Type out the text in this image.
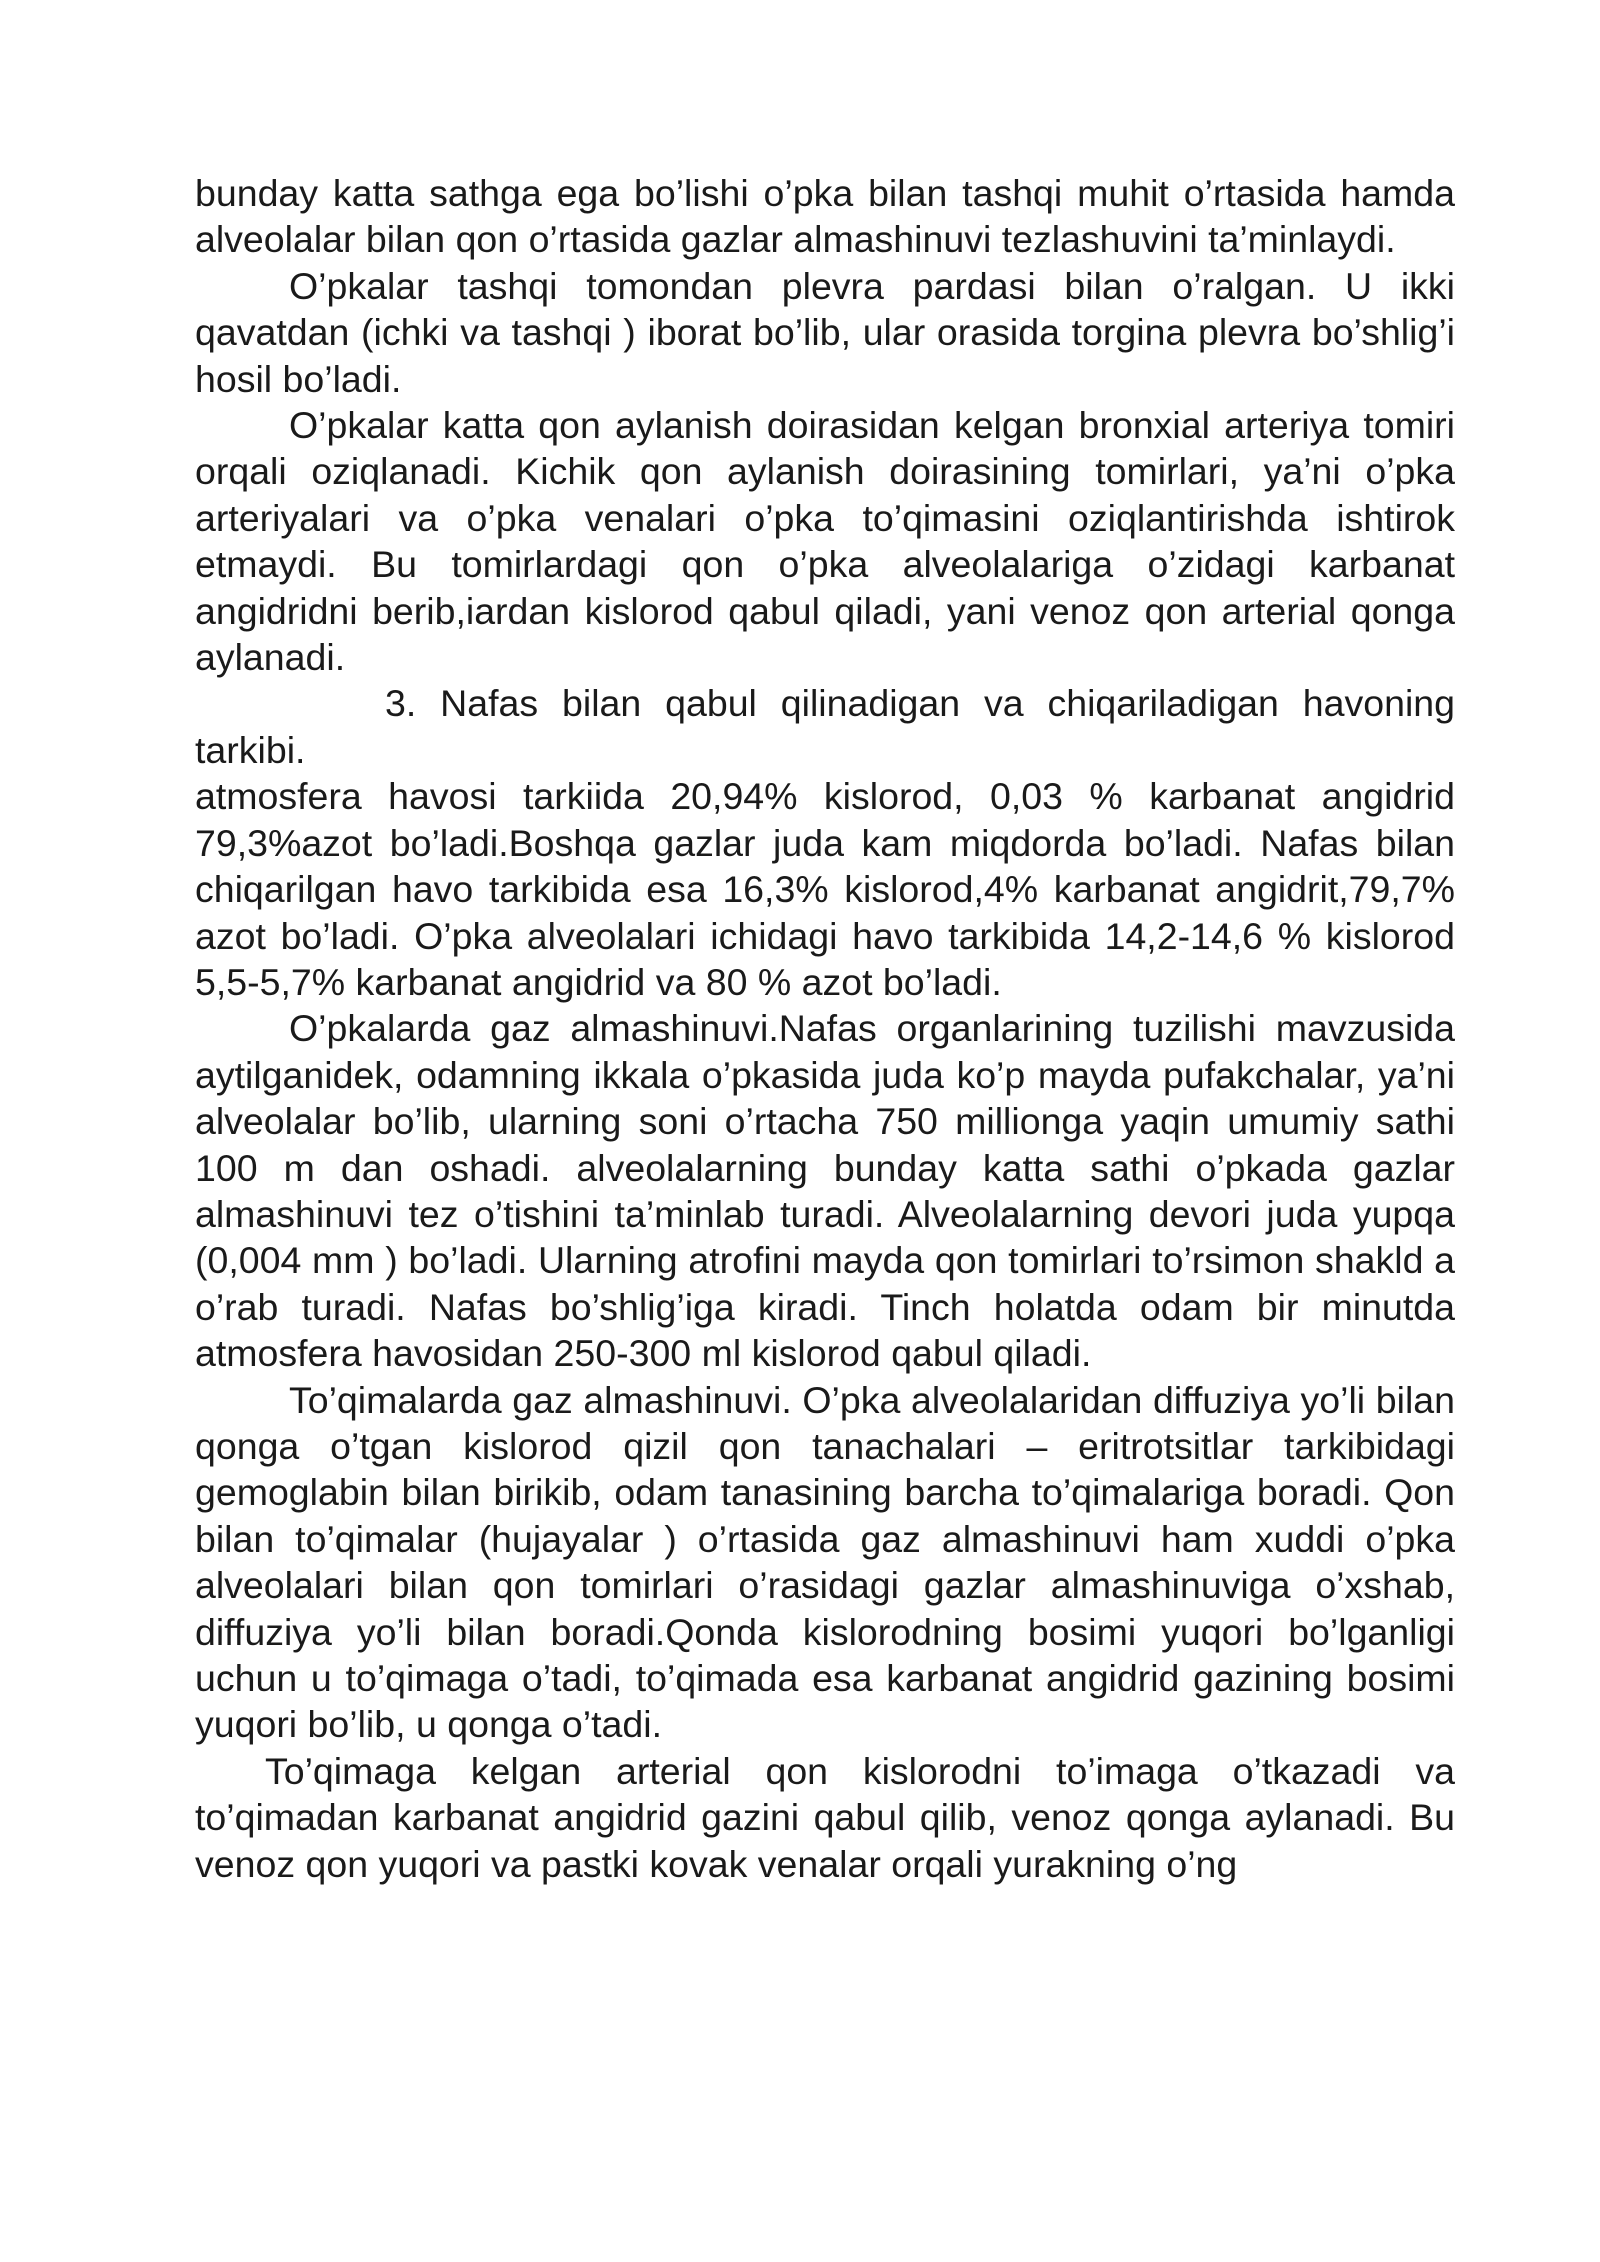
bunday katta sathga ega bo’lishi o’pka bilan tashqi muhit o’rtasida hamda alveolalar bilan qon o’rtasida gazlar almashinuvi tezlashuvini ta’minlaydi.

O’pkalar tashqi tomondan plevra pardasi bilan o’ralgan. U ikki qavatdan (ichki va tashqi ) iborat bo’lib, ular orasida torgina plevra bo’shlig’i hosil bo’ladi.

O’pkalar katta qon aylanish doirasidan kelgan bronxial arteriya tomiri orqali oziqlanadi. Kichik qon aylanish doirasining tomirlari, ya’ni o’pka arteriyalari va o’pka venalari o’pka to’qimasini oziqlantirishda ishtirok etmaydi. Bu tomirlardagi qon o’pka alveolalariga o’zidagi karbanat angidridni berib,iardan kislorod qabul qiladi, yani venoz qon arterial qonga aylanadi.

3. Nafas bilan qabul qilinadigan va chiqariladigan havoning tarkibi.

atmosfera havosi tarkiida 20,94% kislorod, 0,03 % karbanat angidrid 79,3%azot bo’ladi.Boshqa gazlar juda kam miqdorda bo’ladi. Nafas bilan chiqarilgan havo tarkibida esa 16,3% kislorod,4% karbanat angidrit,79,7% azot bo’ladi. O’pka alveolalari ichidagi havo tarkibida 14,2-14,6 % kislorod 5,5-5,7% karbanat angidrid va 80 % azot bo’ladi.

O’pkalarda gaz almashinuvi.Nafas organlarining tuzilishi mavzusida aytilganidek, odamning ikkala o’pkasida juda ko’p mayda pufakchalar, ya’ni alveolalar bo’lib, ularning soni o’rtacha 750 millionga yaqin umumiy sathi 100 m dan oshadi. alveolalarning bunday katta sathi o’pkada gazlar almashinuvi tez o’tishini ta’minlab turadi. Alveolalarning devori juda yupqa (0,004 mm ) bo’ladi. Ularning atrofini mayda qon tomirlari to’rsimon shakld a o’rab turadi. Nafas bo’shlig’iga kiradi. Tinch holatda odam bir minutda atmosfera havosidan 250-300 ml kislorod qabul qiladi.

To’qimalarda gaz almashinuvi. O’pka alveolalaridan diffuziya yo’li bilan qonga o’tgan kislorod qizil qon tanachalari – eritrotsitlar tarkibidagi gemoglabin bilan birikib, odam tanasining barcha to’qimalariga boradi. Qon bilan to’qimalar (hujayalar ) o’rtasida gaz almashinuvi ham xuddi o’pka alveolalari bilan qon tomirlari o’rasidagi gazlar almashinuviga o’xshab, diffuziya yo’li bilan boradi.Qonda kislorodning bosimi yuqori bo’lganligi uchun u to’qimaga o’tadi, to’qimada esa karbanat angidrid gazining bosimi yuqori bo’lib, u qonga o’tadi.

To’qimaga kelgan arterial qon kislorodni to’imaga o’tkazadi va to’qimadan karbanat angidrid gazini qabul qilib, venoz qonga aylanadi. Bu venoz qon yuqori va pastki kovak venalar orqali yurakning o’ng
